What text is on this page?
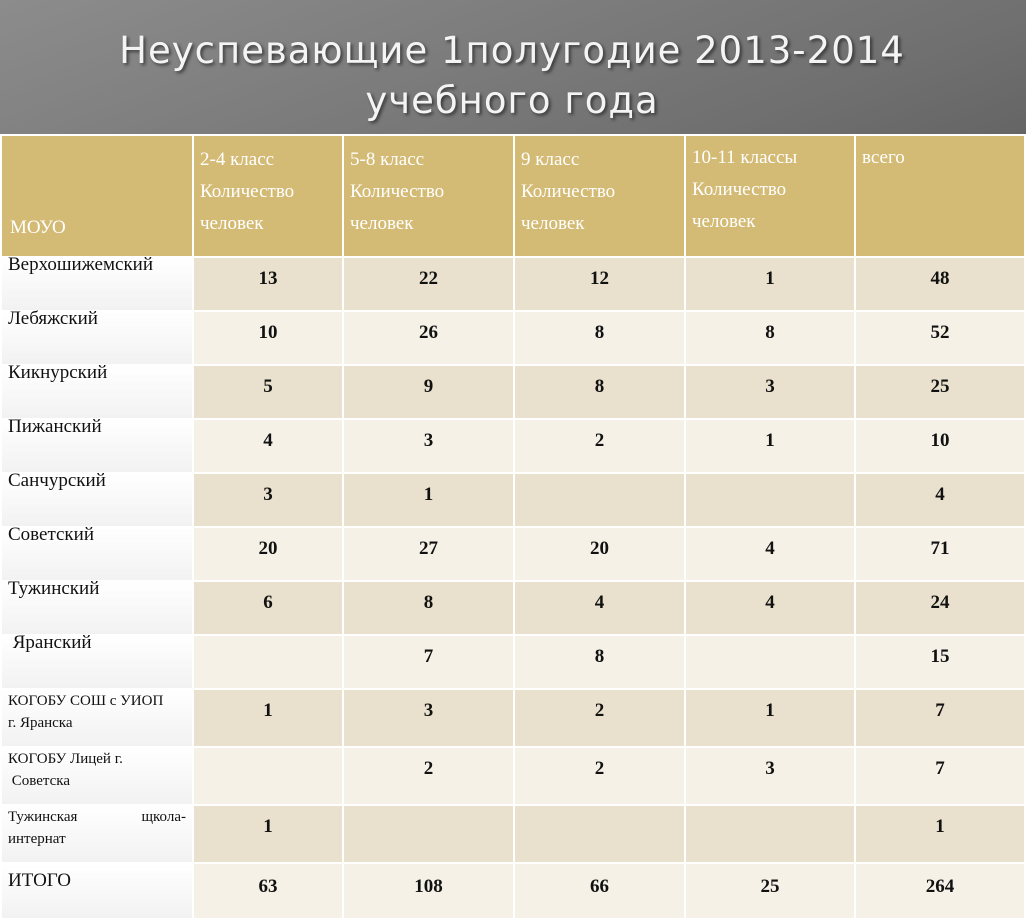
Неуспевающие 1полугодие 2013-2014
учебного года
МОУО	2-4 класс
Количество
человек	5-8 класс
Количество
человек	9 класс
Количество
человек	10-11 классы
Количество
человек	всего

Верхошижемский	13	22	12	1	48

Лебяжский	10	26	8	8	52

Кикнурский	5	9	8	3	25

Пижанский	4	3	2	1	10

Санчурский	3	1			4

Советский	20	27	20	4	71

Тужинский	6	8	4	4	24

Яранский		7	8		15

КОГОБУ СОШ с УИОП
г. Яранска	1	3	2	1	7

КОГОБУ Лицей г.
Советска		2	2	3	7

Тужинская щкола-
интернат	1				1

ИТОГО	63	108	66	25	264
